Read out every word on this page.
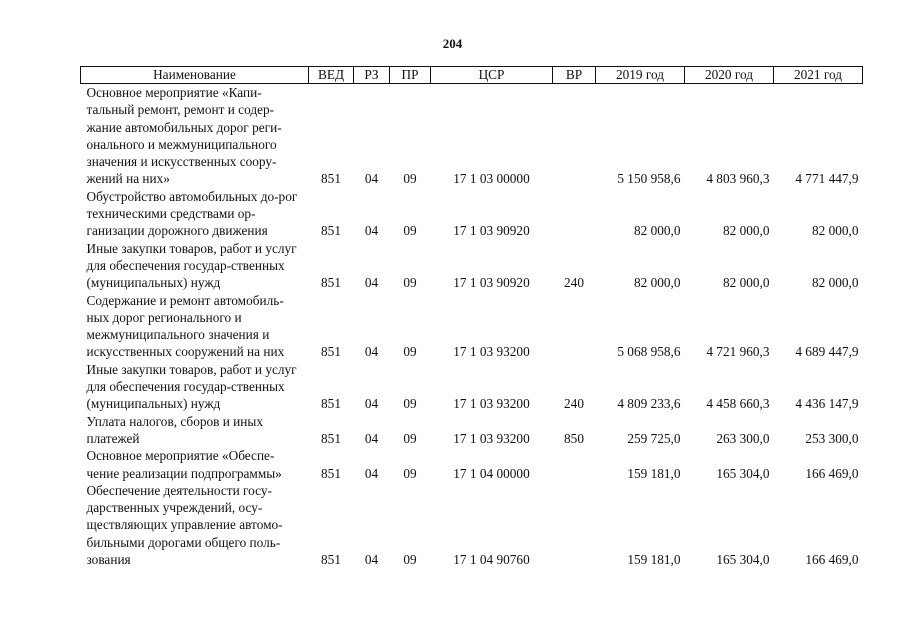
204
Наименование	ВЕД	РЗ	ПР	ЦСР	ВР	2019 год	2020 год	2021 год
Основное мероприятие «Капи-тальный ремонт, ремонт и содер-жание автомобильных дорог реги-онального и межмуниципального значения и искусственных соору-жений на них»	851	04	09	17 1 03 00000		5 150 958,6	4 803 960,3	4 771 447,9
Обустройство автомобильных до-рог техническими средствами ор-ганизации дорожного движения	851	04	09	17 1 03 90920		82 000,0	82 000,0	82 000,0
Иные закупки товаров, работ и услуг для обеспечения государ-ственных (муниципальных) нужд	851	04	09	17 1 03 90920	240	82 000,0	82 000,0	82 000,0
Содержание и ремонт автомобиль-ных дорог регионального и межмуниципального значения и искусственных сооружений на них	851	04	09	17 1 03 93200		5 068 958,6	4 721 960,3	4 689 447,9
Иные закупки товаров, работ и услуг для обеспечения государ-ственных (муниципальных) нужд	851	04	09	17 1 03 93200	240	4 809 233,6	4 458 660,3	4 436 147,9
Уплата налогов, сборов и иных платежей	851	04	09	17 1 03 93200	850	259 725,0	263 300,0	253 300,0
Основное мероприятие «Обеспе-чение реализации подпрограммы»	851	04	09	17 1 04 00000		159 181,0	165 304,0	166 469,0
Обеспечение деятельности госу-дарственных учреждений, осу-ществляющих управление автомо-бильными дорогами общего поль-зования	851	04	09	17 1 04 90760		159 181,0	165 304,0	166 469,0
